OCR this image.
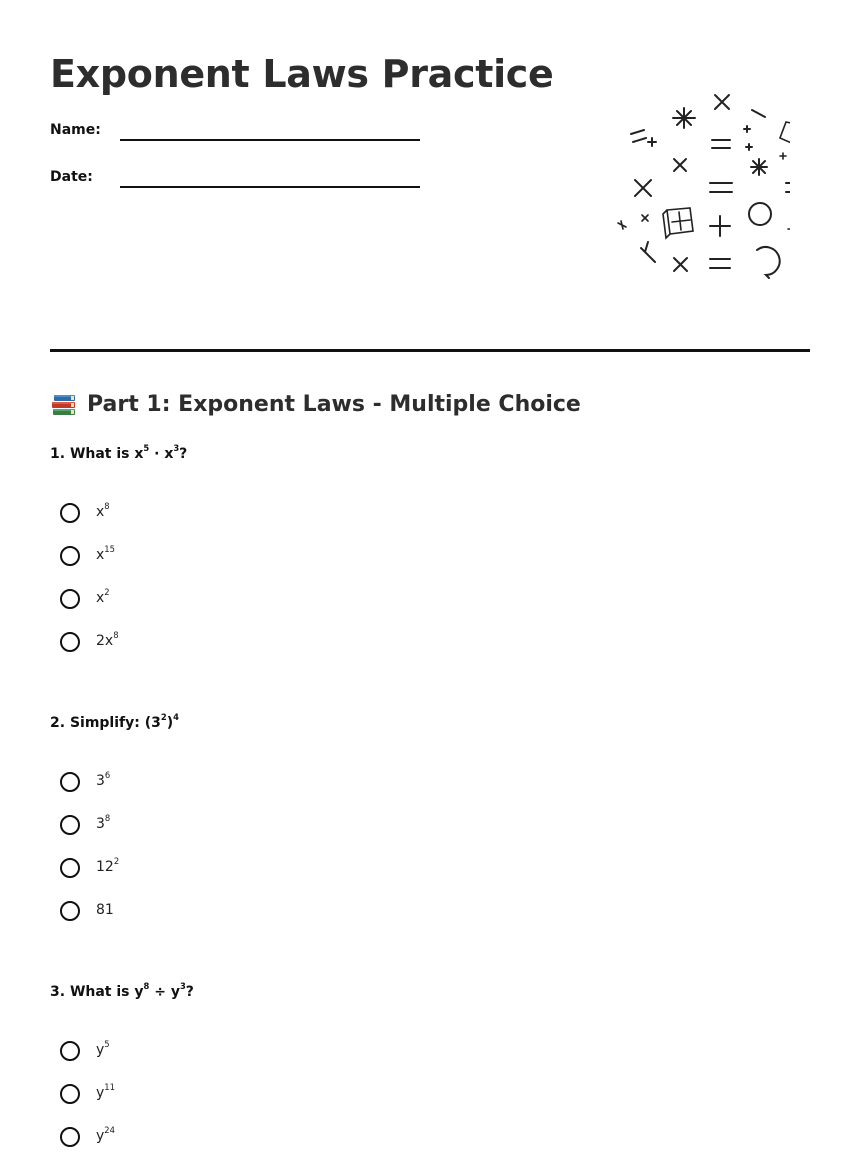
Exponent Laws Practice
Name:
Date:
Part 1: Exponent Laws - Multiple Choice
1. What is $x^5 \cdot x^3$?
$x^8$
$x^{15}$
$x^2$
$2x^8$
2. Simplify: $(3^2)^4$
$3^6$
$3^8$
$12^2$
81
3. What is $y^8 \div y^3$?
$y^5$
$y^{11}$
$y^{24}$
